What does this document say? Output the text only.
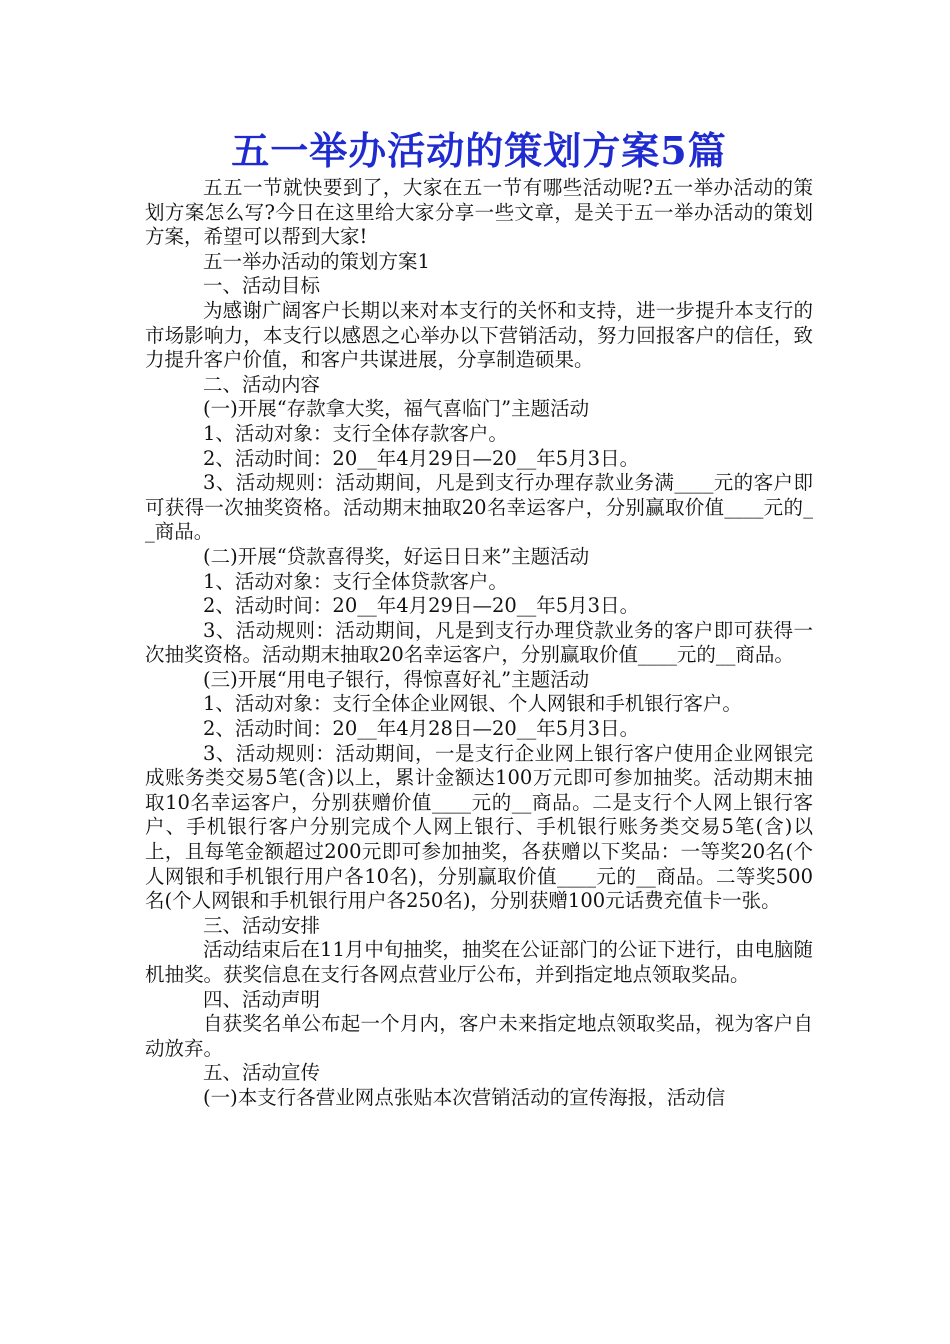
五一举办活动的策划方案5篇

五五一节就快要到了，大家在五一节有哪些活动呢?五一举办活动的策划方案怎么写?今日在这里给大家分享一些文章，是关于五一举办活动的策划方案，希望可以帮到大家!

五一举办活动的策划方案1

一、活动目标

为感谢广阔客户长期以来对本支行的关怀和支持，进一步提升本支行的市场影响力，本支行以感恩之心举办以下营销活动，努力回报客户的信任，致力提升客户价值，和客户共谋进展，分享制造硕果。

二、活动内容

(一)开展“存款拿大奖，福气喜临门”主题活动

1、活动对象：支行全体存款客户。

2、活动时间：20__年4月29日—20__年5月3日。

3、活动规则：活动期间，凡是到支行办理存款业务满____元的客户即可获得一次抽奖资格。活动期末抽取20名幸运客户，分别赢取价值____元的__商品。

(二)开展“贷款喜得奖，好运日日来”主题活动

1、活动对象：支行全体贷款客户。

2、活动时间：20__年4月29日—20__年5月3日。

3、活动规则：活动期间，凡是到支行办理贷款业务的客户即可获得一次抽奖资格。活动期末抽取20名幸运客户，分别赢取价值____元的__商品。

(三)开展“用电子银行，得惊喜好礼”主题活动

1、活动对象：支行全体企业网银、个人网银和手机银行客户。

2、活动时间：20__年4月28日—20__年5月3日。

3、活动规则：活动期间，一是支行企业网上银行客户使用企业网银完成账务类交易5笔(含)以上，累计金额达100万元即可参加抽奖。活动期末抽取10名幸运客户，分别获赠价值____元的__商品。二是支行个人网上银行客户、手机银行客户分别完成个人网上银行、手机银行账务类交易5笔(含)以上，且每笔金额超过200元即可参加抽奖，各获赠以下奖品：一等奖20名(个人网银和手机银行用户各10名)，分别赢取价值____元的__商品。二等奖500名(个人网银和手机银行用户各250名)，分别获赠100元话费充值卡一张。

三、活动安排

活动结束后在11月中旬抽奖，抽奖在公证部门的公证下进行，由电脑随机抽奖。获奖信息在支行各网点营业厅公布，并到指定地点领取奖品。

四、活动声明

自获奖名单公布起一个月内，客户未来指定地点领取奖品，视为客户自动放弃。

五、活动宣传

(一)本支行各营业网点张贴本次营销活动的宣传海报，活动信
